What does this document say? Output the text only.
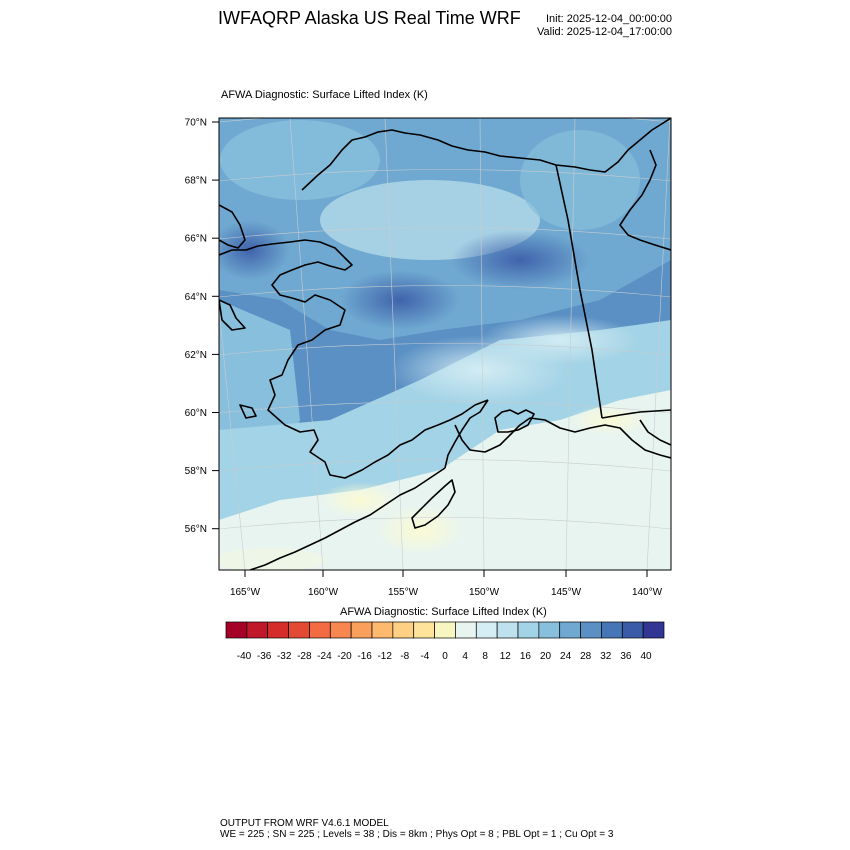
IWFAQRP Alaska US Real Time WRF Init: 2025-12-04_00:00:00
Valid: 2025-12-04_17:00:00
AFWA Diagnostic: Surface Lifted Index (K)
70°N
68°N
66°N
64°N
62°N
60°N
58°N
56°N
165°W	160°W	155°W	150°W	145°W	140°W
-40 -36 -32 -28 -24 -20 -16 -12 -8 -4 0 4 8 12 16 20 24 28 32 36 40
AFWA Diagnostic: Surface Lifted Index (K)
OUTPUT FROM WRF V4.6.1 MODEL
WE = 225 ; SN = 225 ; Levels = 38 ; Dis = 8km ; Phys Opt = 8 ; PBL Opt = 1 ; Cu Opt = 3
